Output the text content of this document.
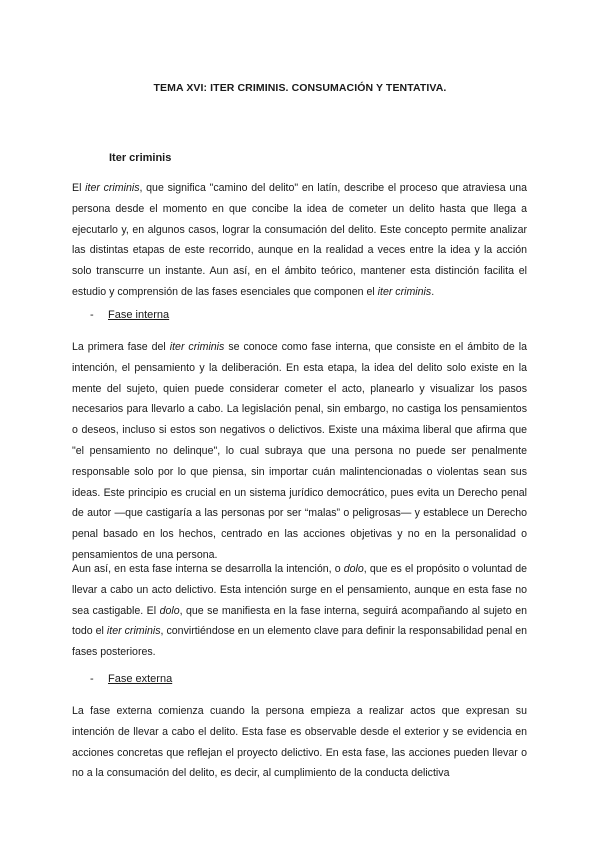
TEMA XVI: ITER CRIMINIS. CONSUMACIÓN Y TENTATIVA.
Iter criminis

El iter criminis, que significa "camino del delito" en latín, describe el proceso que atraviesa una persona desde el momento en que concibe la idea de cometer un delito hasta que llega a ejecutarlo y, en algunos casos, lograr la consumación del delito. Este concepto permite analizar las distintas etapas de este recorrido, aunque en la realidad a veces entre la idea y la acción solo transcurre un instante. Aun así, en el ámbito teórico, mantener esta distinción facilita el estudio y comprensión de las fases esenciales que componen el iter criminis.

- Fase interna

La primera fase del iter criminis se conoce como fase interna, que consiste en el ámbito de la intención, el pensamiento y la deliberación. En esta etapa, la idea del delito solo existe en la mente del sujeto, quien puede considerar cometer el acto, planearlo y visualizar los pasos necesarios para llevarlo a cabo. La legislación penal, sin embargo, no castiga los pensamientos o deseos, incluso si estos son negativos o delictivos. Existe una máxima liberal que afirma que "el pensamiento no delinque", lo cual subraya que una persona no puede ser penalmente responsable solo por lo que piensa, sin importar cuán malintencionadas o violentas sean sus ideas. Este principio es crucial en un sistema jurídico democrático, pues evita un Derecho penal de autor —que castigaría a las personas por ser “malas” o peligrosas— y establece un Derecho penal basado en los hechos, centrado en las acciones objetivas y no en la personalidad o pensamientos de una persona.

Aun así, en esta fase interna se desarrolla la intención, o dolo, que es el propósito o voluntad de llevar a cabo un acto delictivo. Esta intención surge en el pensamiento, aunque en esta fase no sea castigable. El dolo, que se manifiesta en la fase interna, seguirá acompañando al sujeto en todo el iter criminis, convirtiéndose en un elemento clave para definir la responsabilidad penal en fases posteriores.

- Fase externa

La fase externa comienza cuando la persona empieza a realizar actos que expresan su intención de llevar a cabo el delito. Esta fase es observable desde el exterior y se evidencia en acciones concretas que reflejan el proyecto delictivo. En esta fase, las acciones pueden llevar o no a la consumación del delito, es decir, al cumplimiento de la conducta delictiva
